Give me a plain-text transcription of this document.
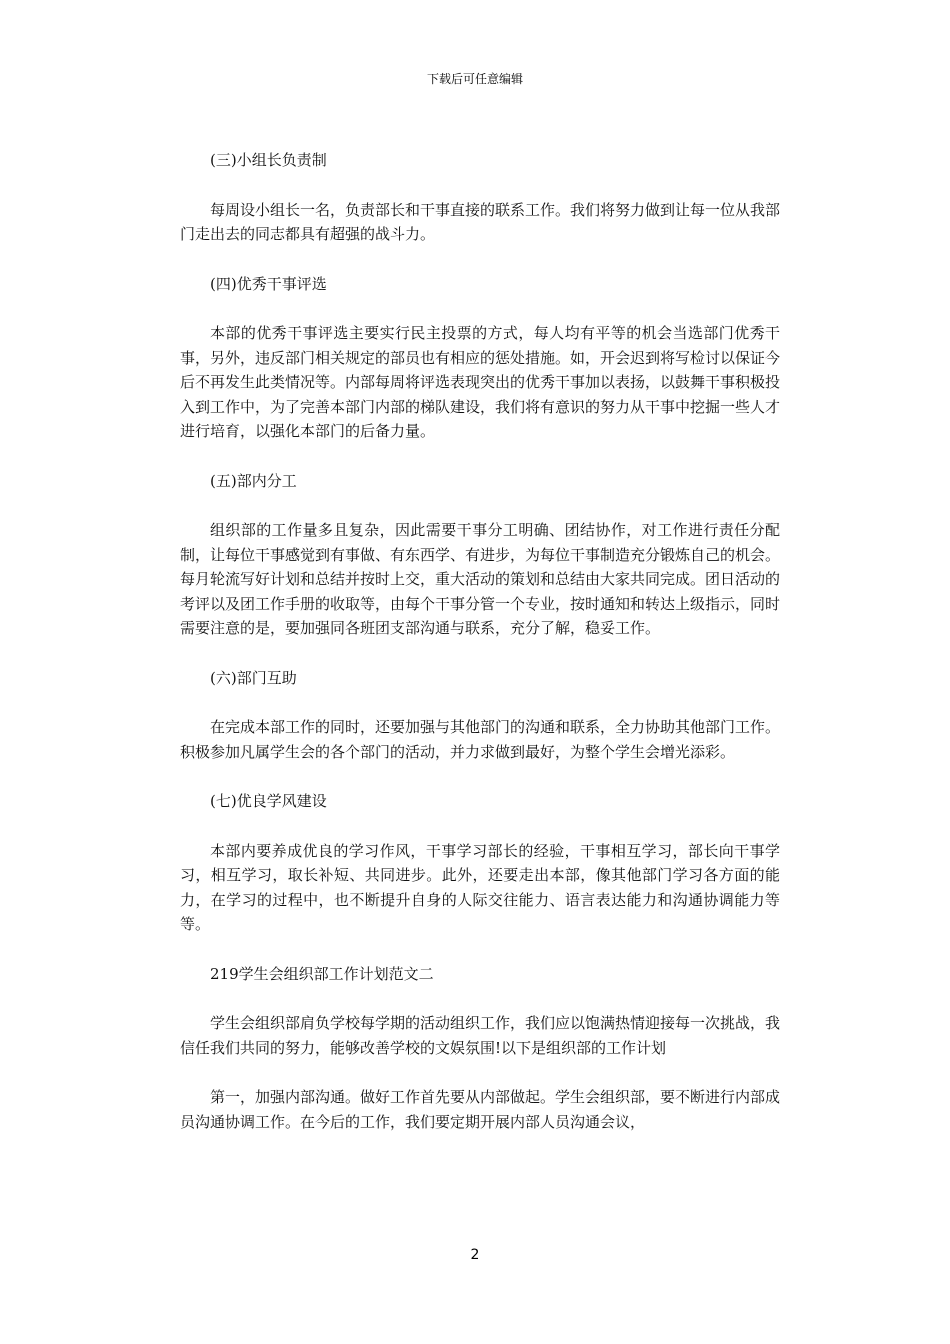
下载后可任意编辑

(三)小组长负责制

每周设小组长一名，负责部长和干事直接的联系工作。我们将努力做到让每一位从我部门走出去的同志都具有超强的战斗力。

(四)优秀干事评选

本部的优秀干事评选主要实行民主投票的方式，每人均有平等的机会当选部门优秀干事，另外，违反部门相关规定的部员也有相应的惩处措施。如，开会迟到将写检讨以保证今后不再发生此类情况等。内部每周将评选表现突出的优秀干事加以表扬，以鼓舞干事积极投入到工作中，为了完善本部门内部的梯队建设，我们将有意识的努力从干事中挖掘一些人才进行培育，以强化本部门的后备力量。

(五)部内分工

组织部的工作量多且复杂，因此需要干事分工明确、团结协作，对工作进行责任分配制，让每位干事感觉到有事做、有东西学、有进步，为每位干事制造充分锻炼自己的机会。每月轮流写好计划和总结并按时上交，重大活动的策划和总结由大家共同完成。团日活动的考评以及团工作手册的收取等，由每个干事分管一个专业，按时通知和转达上级指示，同时需要注意的是，要加强同各班团支部沟通与联系，充分了解，稳妥工作。

(六)部门互助

在完成本部工作的同时，还要加强与其他部门的沟通和联系，全力协助其他部门工作。积极参加凡属学生会的各个部门的活动，并力求做到最好，为整个学生会增光添彩。

(七)优良学风建设

本部内要养成优良的学习作风，干事学习部长的经验，干事相互学习，部长向干事学习，相互学习，取长补短、共同进步。此外，还要走出本部，像其他部门学习各方面的能力，在学习的过程中，也不断提升自身的人际交往能力、语言表达能力和沟通协调能力等等。

219学生会组织部工作计划范文二

学生会组织部肩负学校每学期的活动组织工作，我们应以饱满热情迎接每一次挑战，我信任我们共同的努力，能够改善学校的文娱氛围!以下是组织部的工作计划

第一，加强内部沟通。做好工作首先要从内部做起。学生会组织部，要不断进行内部成员沟通协调工作。在今后的工作，我们要定期开展内部人员沟通会议，

2
